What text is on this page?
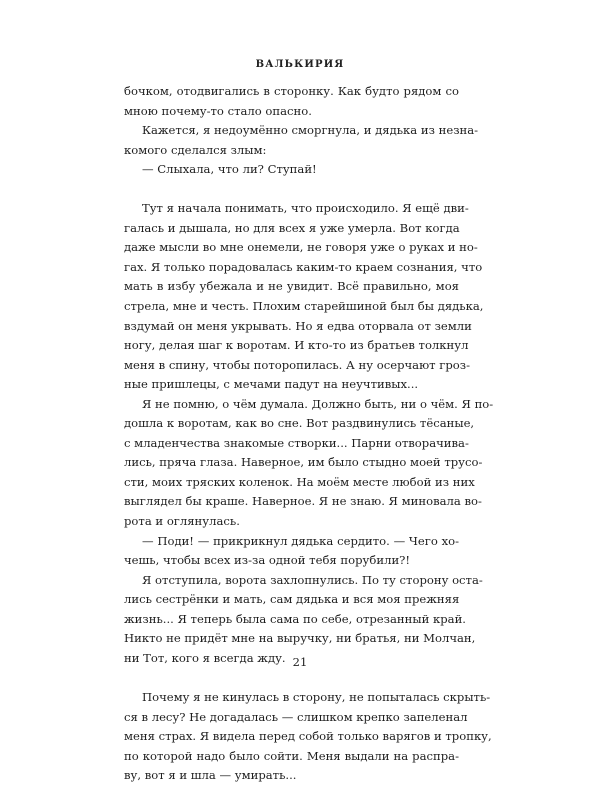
ВАЛЬКИРИЯ
бочком, отодвигались в сторонку. Как будто рядом со
мною почему-то стало опасно.
Кажется, я недоумённо сморгнула, и дядька из незна-
комого сделался злым:
— Слыхала, что ли? Ступай!
Тут я начала понимать, что происходило. Я ещё дви-
галась и дышала, но для всех я уже умерла. Вот когда
даже мысли во мне онемели, не говоря уже о руках и но-
гах. Я только порадовалась каким-то краем сознания, что
мать в избу убежала и не увидит. Всё правильно, моя
стрела, мне и честь. Плохим старейшиной был бы дядька,
вздумай он меня укрывать. Но я едва оторвала от земли
ногу, делая шаг к воротам. И кто-то из братьев толкнул
меня в спину, чтобы поторопилась. А ну осерчают гроз-
ные пришлецы, с мечами падут на неучтивых...
Я не помню, о чём думала. Должно быть, ни о чём. Я по-
дошла к воротам, как во сне. Вот раздвинулись тёсаные,
с младенчества знакомые створки... Парни отворачива-
лись, пряча глаза. Наверное, им было стыдно моей трусо-
сти, моих тряских коленок. На моём месте любой из них
выглядел бы краше. Наверное. Я не знаю. Я миновала во-
рота и оглянулась.
— Поди! — прикрикнул дядька сердито. — Чего хо-
чешь, чтобы всех из-за одной тебя порубили?!
Я отступила, ворота захлопнулись. По ту сторону оста-
лись сестрёнки и мать, сам дядька и вся моя прежняя
жизнь... Я теперь была сама по себе, отрезанный край.
Никто не придёт мне на выручку, ни братья, ни Молчан,
ни Тот, кого я всегда жду.
Почему я не кинулась в сторону, не попыталась скрыть-
ся в лесу? Не догадалась — слишком крепко запеленал
меня страх. Я видела перед собой только варягов и тропку,
по которой надо было сойти. Меня выдали на распра-
ву, вот я и шла — умирать...
21
